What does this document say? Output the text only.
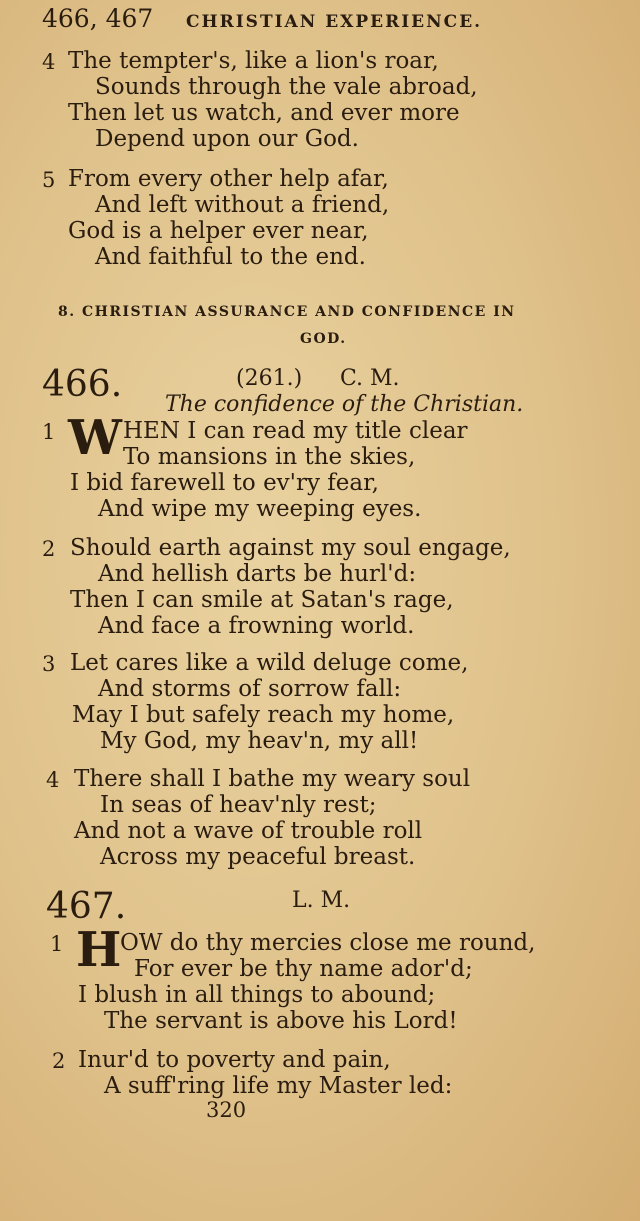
466, 467 CHRISTIAN EXPERIENCE.
4 The tempter's, like a lion's roar,
Sounds through the vale abroad,
Then let us watch, and ever more
Depend upon our God.
5 From every other help afar,
And left without a friend,
God is a helper ever near,
And faithful to the end.
8. CHRISTIAN ASSURANCE AND CONFIDENCE IN
GOD.
466.	(261.) C. M.
The confidence of the Christian.
1 W HEN I can read my title clear
To mansions in the skies,
I bid farewell to ev'ry fear,
And wipe my weeping eyes.
2 Should earth against my soul engage,
And hellish darts be hurl'd:
Then I can smile at Satan's rage,
And face a frowning world.
3 Let cares like a wild deluge come,
And storms of sorrow fall:
May I but safely reach my home,
My God, my heav'n, my all!
4 There shall I bathe my weary soul
In seas of heav'nly rest;
And not a wave of trouble roll
Across my peaceful breast.
467.	L. M.
1 H
OW do thy mercies close me round,
For ever be thy name ador'd;
I blush in all things to abound;
The servant is above his Lord!
2 Inur'd to poverty and pain,
A suff'ring life my Master led:
320
